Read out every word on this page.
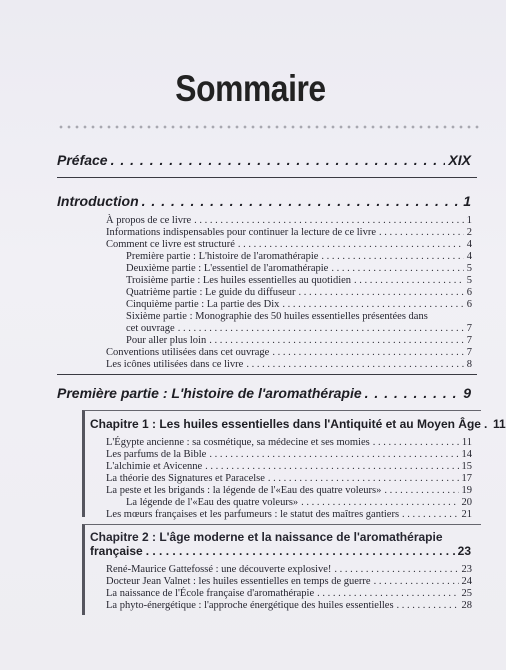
Sommaire
Préface . . .	XIX
Introduction . . .	1
À propos de ce livre . . .	1
Informations indispensables pour continuer la lecture de ce livre . . .	2
Comment ce livre est structuré . . .	4
Première partie : L'histoire de l'aromathérapie . . .	4
Deuxième partie : L'essentiel de l'aromathérapie . . .	5
Troisième partie : Les huiles essentielles au quotidien . . .	5
Quatrième partie : Le guide du diffuseur . . .	6
Cinquième partie : La partie des Dix . . .	6
Sixième partie : Monographie des 50 huiles essentielles présentées dans
cet ouvrage . . .	7
Pour aller plus loin . . .	7
Conventions utilisées dans cet ouvrage . . .	7
Les icônes utilisées dans ce livre . . .	8
Première partie : L'histoire de l'aromathérapie . . .	9
Chapitre 1 : Les huiles essentielles dans l'Antiquité et au Moyen Âge . . . 11
L'Égypte ancienne : sa cosmétique, sa médecine et ses momies . . .	11
Les parfums de la Bible . . .	14
L'alchimie et Avicenne . . .	15
La théorie des Signatures et Paracelse . . .	17
La peste et les brigands : la légende de l'«Eau des quatre voleurs» . . .	19
La légende de l'«Eau des quatre voleurs» . . .	20
Les mœurs françaises et les parfumeurs : le statut des maîtres gantiers . . .	21
Chapitre 2 : L'âge moderne et la naissance de l'aromathérapie
française . . .	23
René-Maurice Gattefossé : une découverte explosive! . . .	23
Docteur Jean Valnet : les huiles essentielles en temps de guerre . . .	24
La naissance de l'École française d'aromathérapie . . .	25
La phyto-énergétique : l'approche énergétique des huiles essentielles . . .	28
